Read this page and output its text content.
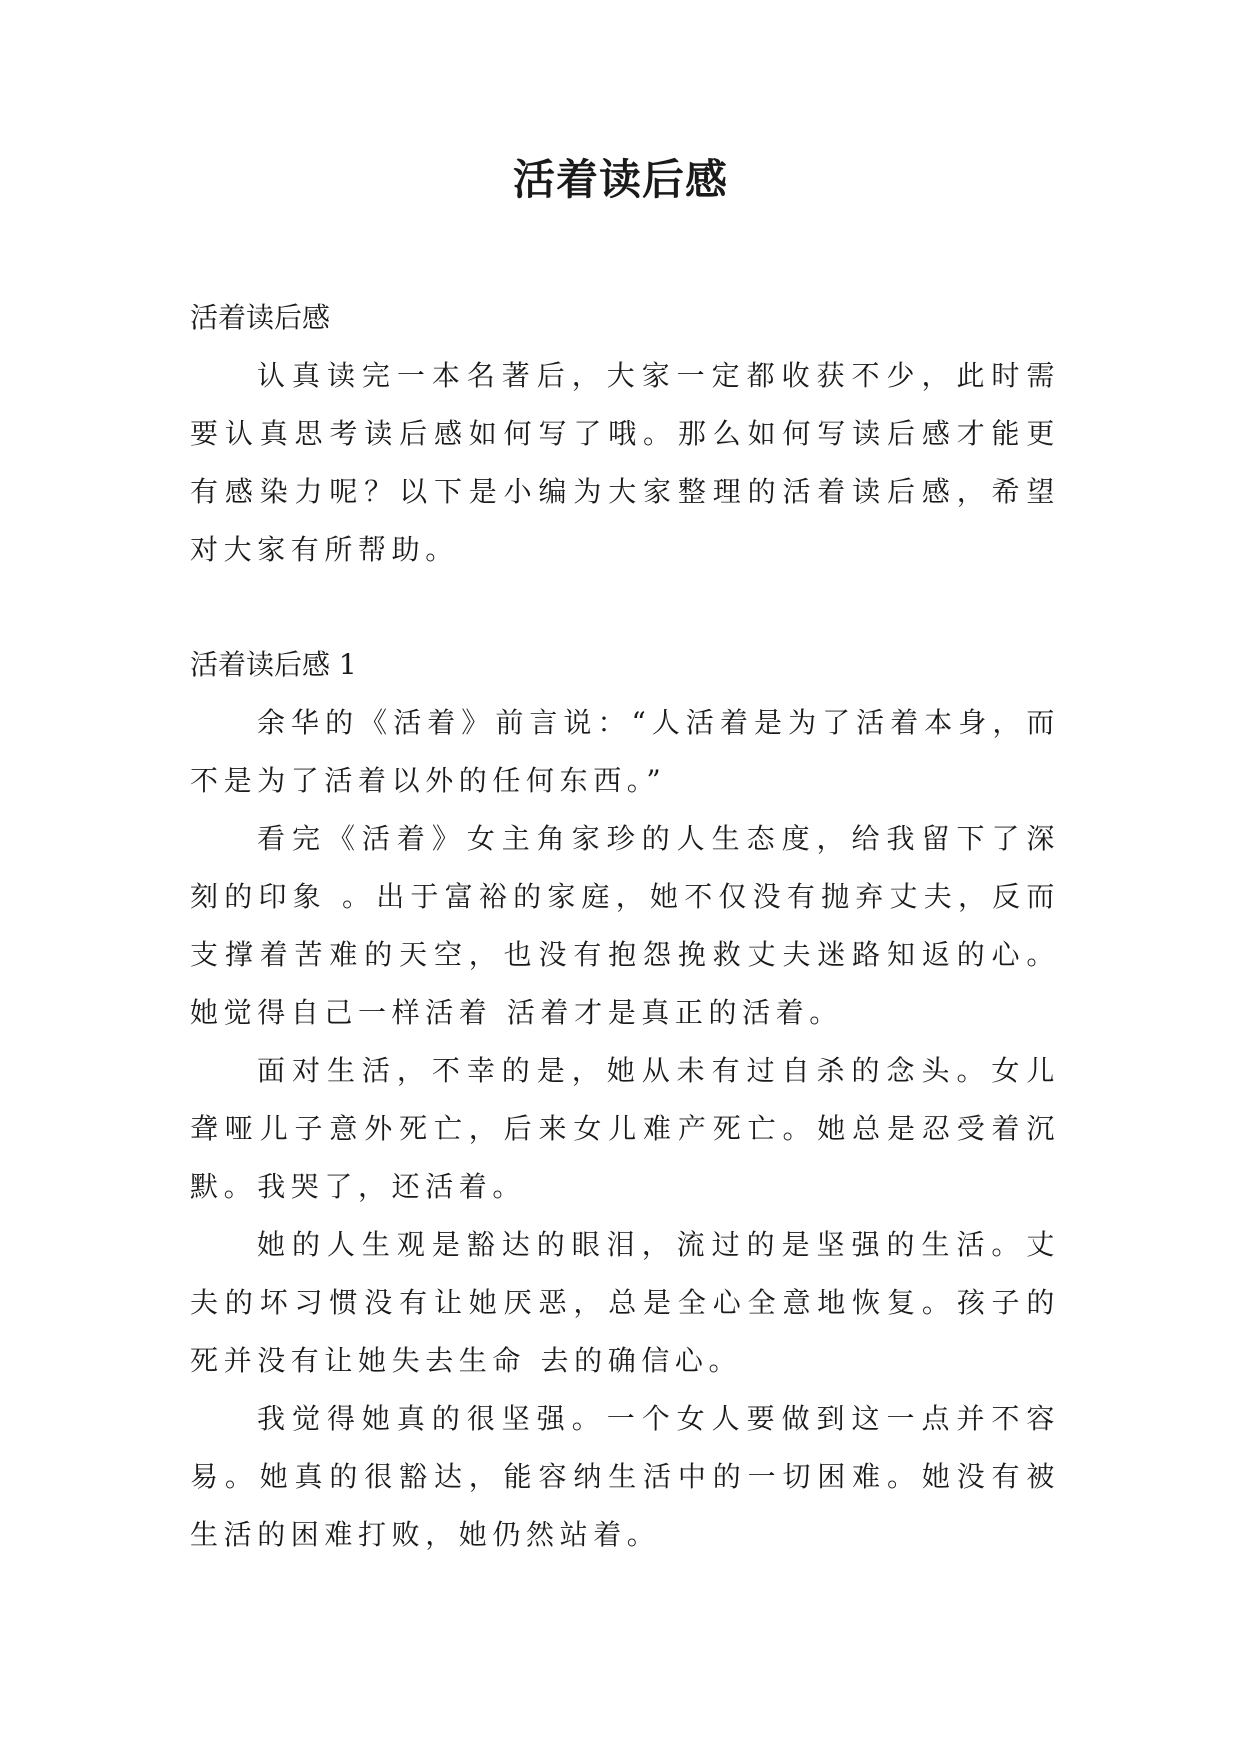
活着读后感

活着读后感

认真读完一本名著后，大家一定都收获不少，此时需要认真思考读后感如何写了哦。那么如何写读后感才能更有感染力呢？以下是小编为大家整理的活着读后感，希望对大家有所帮助。

活着读后感 1

余华的《活着》前言说：“人活着是为了活着本身，而不是为了活着以外的任何东西。”

看完《活着》女主角家珍的人生态度，给我留下了深刻的印象 。出于富裕的家庭，她不仅没有抛弃丈夫，反而支撑着苦难的天空，也没有抱怨挽救丈夫迷路知返的心。她觉得自己一样活着 活着才是真正的活着。

面对生活，不幸的是，她从未有过自杀的念头。女儿聋哑儿子意外死亡，后来女儿难产死亡。她总是忍受着沉默。我哭了，还活着。

她的人生观是豁达的眼泪，流过的是坚强的生活。丈夫的坏习惯没有让她厌恶，总是全心全意地恢复。孩子的死并没有让她失去生命 去的确信心。

我觉得她真的很坚强。一个女人要做到这一点并不容易。她真的很豁达，能容纳生活中的一切困难。她没有被生活的困难打败，她仍然站着。
